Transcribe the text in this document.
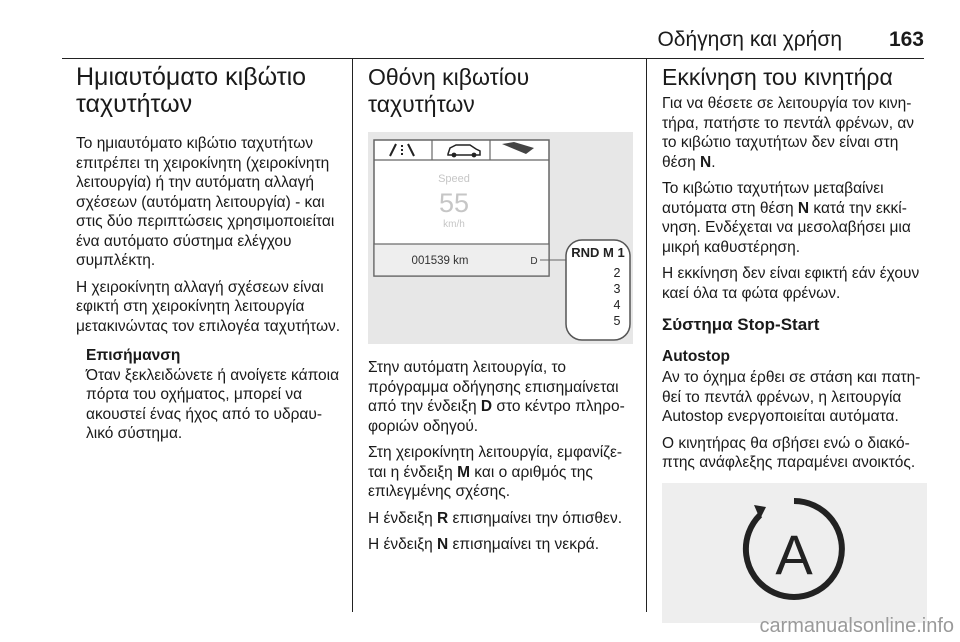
Οδήγηση και χρήση 163
Ημιαυτόματο κιβώτιο ταχυτήτων

Το ημιαυτόματο κιβώτιο ταχυτήτων επιτρέπει τη χειροκίνητη (χειροκίνητη λειτουργία) ή την αυτόματη αλλαγή σχέσεων (αυτόματη λειτουργία) - και στις δύο περιπτώσεις χρησιμοποιείται ένα αυτόματο σύστημα ελέγχου συμπλέκτη.

Η χειροκίνητη αλλαγή σχέσεων είναι εφικτή στη χειροκίνητη λειτουργία μετακινώντας τον επιλογέα ταχυτήτων.

Επισήμανση
Όταν ξεκλειδώνετε ή ανοίγετε κάποια πόρτα του οχήματος, μπορεί να ακουστεί ένας ήχος από το υδραυλικό σύστημα.
Οθόνη κιβωτίου ταχυτήτων
Speed
55
km/h
001539 km	D
RND M 1
2
3
4
5

Στην αυτόματη λειτουργία, το πρόγραμμα οδήγησης επισημαίνεται από την ένδειξη D στο κέντρο πληροφοριών οδηγού.

Στη χειροκίνητη λειτουργία, εμφανίζεται η ένδειξη M και ο αριθμός της επιλεγμένης σχέσης.

Η ένδειξη R επισημαίνει την όπισθεν.

Η ένδειξη N επισημαίνει τη νεκρά.

Εκκίνηση του κινητήρα

Για να θέσετε σε λειτουργία τον κινητήρα, πατήστε το πεντάλ φρένων, αν το κιβώτιο ταχυτήτων δεν είναι στη θέση N.

Το κιβώτιο ταχυτήτων μεταβαίνει αυτόματα στη θέση N κατά την εκκίνηση. Ενδέχεται να μεσολαβήσει μια μικρή καθυστέρηση.

Η εκκίνηση δεν είναι εφικτή εάν έχουν καεί όλα τα φώτα φρένων.

Σύστημα Stop-Start
Autostop

Αν το όχημα έρθει σε στάση και πατηθεί το πεντάλ φρένων, η λειτουργία Autostop ενεργοποιείται αυτόματα.

Ο κινητήρας θα σβήσει ενώ ο διακόπτης ανάφλεξης παραμένει ανοικτός.

A
carmanualsonline.info
